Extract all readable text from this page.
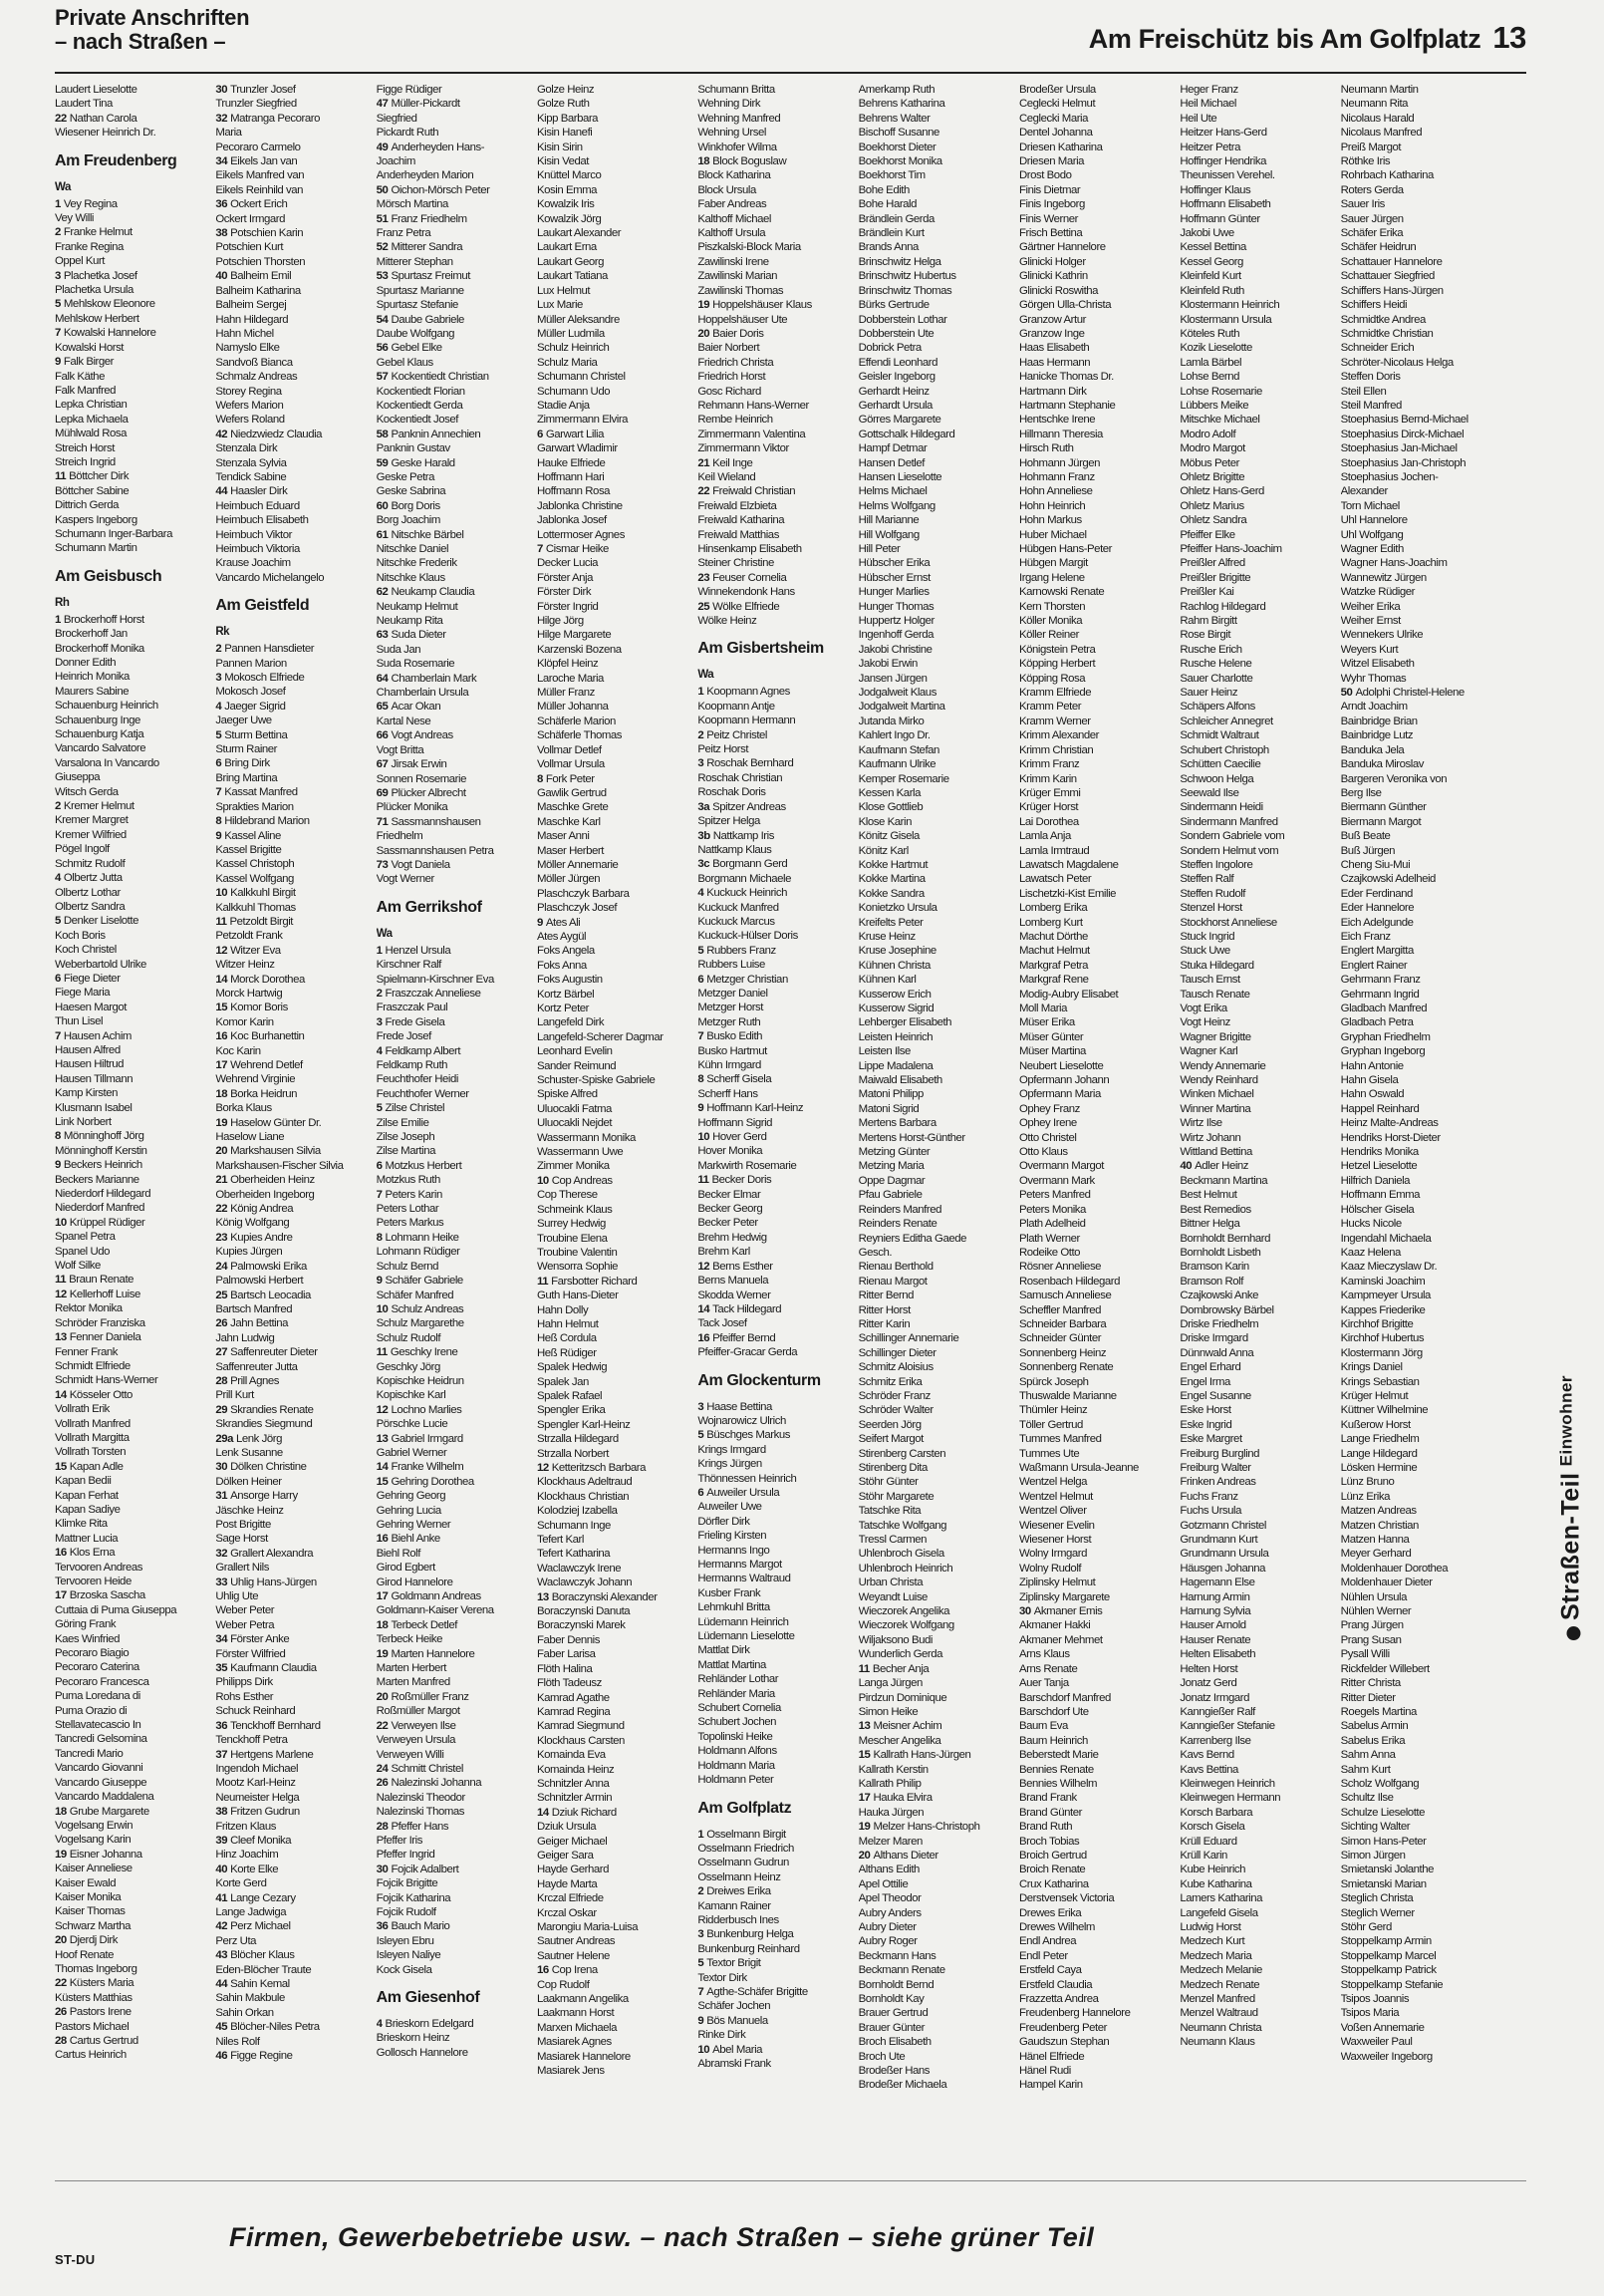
Private Anschriften
– nach Straßen –	Am Freischütz bis Am Golfplatz 13
Laudert Lieselotte
Laudert Tina
22 Nathan Carola
Wiesener Heinrich Dr.
Am Freudenberg
Wa
1 Vey Regina
Vey Willi
2 Franke Helmut
Franke Regina
Oppel Kurt
3 Plachetka Josef
Plachetka Ursula
5 Mehlskow Eleonore
Mehlskow Herbert
7 Kowalski Hannelore
Kowalski Horst
9 Falk Birger
Falk Käthe
Falk Manfred
Lepka Christian
Lepka Michaela
Mühlwald Rosa
Streich Horst
Streich Ingrid
11 Böttcher Dirk
Böttcher Sabine
Dittrich Gerda
Kaspers Ingeborg
Schumann Inger-Barbara
Schumann Martin
Am Geisbusch
Rh
1 Brockerhoff Horst
Brockerhoff Jan
Brockerhoff Monika
Donner Edith
Heinrich Monika
Maurers Sabine
Schauenburg Heinrich
Schauenburg Inge
Schauenburg Katja
Vancardo Salvatore
Varsalona In Vancardo
Giuseppa
Witsch Gerda
2 Kremer Helmut
Kremer Margret
Kremer Wilfried
Pögel Ingolf
Schmitz Rudolf
4 Olbertz Jutta
Olbertz Lothar
Olbertz Sandra
5 Denker Liselotte
Koch Boris
Koch Christel
Weberbartold Ulrike
6 Fiege Dieter
Fiege Maria
Haesen Margot
Thun Lisel
7 Hausen Achim
Hausen Alfred
Hausen Hiltrud
Hausen Tillmann
Kamp Kirsten
Klusmann Isabel
Link Norbert
8 Mönninghoff Jörg
Mönninghoff Kerstin
9 Beckers Heinrich
Beckers Marianne
Niederdorf Hildegard
Niederdorf Manfred
10 Krüppel Rüdiger
Spanel Petra
Spanel Udo
Wolf Silke
11 Braun Renate
12 Kellerhoff Luise
Rektor Monika
Schröder Franziska
13 Fenner Daniela
Fenner Frank
Schmidt Elfriede
Schmidt Hans-Werner
14 Kösseler Otto
Vollrath Erik
Vollrath Manfred
Vollrath Margitta
Vollrath Torsten
15 Kapan Adle
Kapan Bedii
Kapan Ferhat
Kapan Sadiye
Klimke Rita
Mattner Lucia
16 Klos Erna
Tervooren Andreas
Tervooren Heide
17 Brzoska Sascha
Cuttaia di Puma Giuseppa
Göring Frank
Kaes Winfried
Pecoraro Biagio
Pecoraro Caterina
Pecoraro Francesca
Puma Loredana di
Puma Orazio di
Stellavatecascio In
Tancredi Gelsomina
Tancredi Mario
Vancardo Giovanni
Vancardo Giuseppe
Vancardo Maddalena
18 Grube Margarete
Vogelsang Erwin
Vogelsang Karin
19 Eisner Johanna
Kaiser Anneliese
Kaiser Ewald
Kaiser Monika
Kaiser Thomas
Schwarz Martha
20 Djerdj Dirk
Hoof Renate
Thomas Ingeborg
22 Küsters Maria
Küsters Matthias
26 Pastors Irene
Pastors Michael
28 Cartus Gertrud
Cartus Heinrich
30 Trunzler Josef
Trunzler Siegfried
32 Matranga Pecoraro
Maria
Pecoraro Carmelo
34 Eikels Jan van
Eikels Manfred van
Eikels Reinhild van
36 Ockert Erich
Ockert Irmgard
38 Potschien Karin
Potschien Kurt
Potschien Thorsten
40 Balheim Emil
Balheim Katharina
Balheim Sergej
Hahn Hildegard
Hahn Michel
Namyslo Elke
Sandvoß Bianca
Schmalz Andreas
Storey Regina
Wefers Marion
Wefers Roland
42 Niedzwiedz Claudia
Stenzala Dirk
Stenzala Sylvia
Tendick Sabine
44 Haasler Dirk
Heimbuch Eduard
Heimbuch Elisabeth
Heimbuch Viktor
Heimbuch Viktoria
Krause Joachim
Vancardo Michelangelo
Am Geistfeld
Rk
2 Pannen Hansdieter
Pannen Marion
3 Mokosch Elfriede
Mokosch Josef
4 Jaeger Sigrid
Jaeger Uwe
5 Sturm Bettina
Sturm Rainer
6 Bring Dirk
Bring Martina
7 Kassat Manfred
Sprakties Marion
8 Hildebrand Marion
9 Kassel Aline
Kassel Brigitte
Kassel Christoph
Kassel Wolfgang
10 Kalkkuhl Birgit
Kalkkuhl Thomas
11 Petzoldt Birgit
Petzoldt Frank
12 Witzer Eva
Witzer Heinz
14 Morck Dorothea
Morck Hartwig
15 Komor Boris
Komor Karin
16 Koc Burhanettin
Koc Karin
17 Wehrend Detlef
Wehrend Virginie
18 Borka Heidrun
Borka Klaus
19 Haselow Günter Dr.
Haselow Liane
20 Markshausen Silvia
Markshausen-Fischer Silvia
21 Oberheiden Heinz
Oberheiden Ingeborg
22 König Andrea
König Wolfgang
23 Kupies Andre
Kupies Jürgen
24 Palmowski Erika
Palmowski Herbert
25 Bartsch Leocadia
Bartsch Manfred
26 Jahn Bettina
Jahn Ludwig
27 Saffenreuter Dieter
Saffenreuter Jutta
28 Prill Agnes
Prill Kurt
29 Skrandies Renate
Skrandies Siegmund
29a Lenk Jörg
Lenk Susanne
30 Dölken Christine
Dölken Heiner
31 Ansorge Harry
Jäschke Heinz
Post Brigitte
Sage Horst
32 Grallert Alexandra
Grallert Nils
33 Uhlig Hans-Jürgen
Uhlig Ute
Weber Peter
Weber Petra
34 Förster Anke
Förster Wilfried
35 Kaufmann Claudia
Philipps Dirk
Rohs Esther
Schuck Reinhard
36 Tenckhoff Bernhard
Tenckhoff Petra
37 Hertgens Marlene
Ingendoh Michael
Mootz Karl-Heinz
Neumeister Helga
38 Fritzen Gudrun
Fritzen Klaus
39 Cleef Monika
Hinz Joachim
40 Korte Elke
Korte Gerd
41 Lange Cezary
Lange Jadwiga
42 Perz Michael
Perz Uta
43 Blöcher Klaus
Eden-Blöcher Traute
44 Sahin Kemal
Sahin Makbule
Sahin Orkan
45 Blöcher-Niles Petra
Niles Rolf
46 Figge Regine
Figge Rüdiger
47 Müller-Pickardt
Siegfried
Pickardt Ruth
49 Anderheyden Hans-
Joachim
Anderheyden Marion
50 Oichon-Mörsch Peter
Mörsch Martina
51 Franz Friedhelm
Franz Petra
52 Mitterer Sandra
Mitterer Stephan
53 Spurtasz Freimut
Spurtasz Marianne
Spurtasz Stefanie
54 Daube Gabriele
Daube Wolfgang
56 Gebel Elke
Gebel Klaus
57 Kockentiedt Christian
Kockentiedt Florian
Kockentiedt Gerda
Kockentiedt Josef
58 Panknin Annechien
Panknin Gustav
59 Geske Harald
Geske Petra
Geske Sabrina
60 Borg Doris
Borg Joachim
61 Nitschke Bärbel
Nitschke Daniel
Nitschke Frederik
Nitschke Klaus
62 Neukamp Claudia
Neukamp Helmut
Neukamp Rita
63 Suda Dieter
Suda Jan
Suda Rosemarie
64 Chamberlain Mark
Chamberlain Ursula
65 Acar Okan
Kartal Nese
66 Vogt Andreas
Vogt Britta
67 Jirsak Erwin
Sonnen Rosemarie
69 Plücker Albrecht
Plücker Monika
71 Sassmannshausen
Friedhelm
Sassmannshausen Petra
73 Vogt Daniela
Vogt Werner
Am Gerrikshof
Wa
1 Henzel Ursula
Kirschner Ralf
Spielmann-Kirschner Eva
2 Fraszczak Anneliese
Fraszczak Paul
3 Frede Gisela
Frede Josef
4 Feldkamp Albert
Feldkamp Ruth
Feuchthofer Heidi
Feuchthofer Werner
5 Zilse Christel
Zilse Emilie
Zilse Joseph
Zilse Martina
6 Motzkus Herbert
Motzkus Ruth
7 Peters Karin
Peters Lothar
Peters Markus
8 Lohmann Heike
Lohmann Rüdiger
Schulz Bernd
9 Schäfer Gabriele
Schäfer Manfred
10 Schulz Andreas
Schulz Margarethe
Schulz Rudolf
11 Geschky Irene
Geschky Jörg
Kopischke Heidrun
Kopischke Karl
12 Lochno Marlies
Pörschke Lucie
13 Gabriel Irmgard
Gabriel Werner
14 Franke Wilhelm
15 Gehring Dorothea
Gehring Georg
Gehring Lucia
Gehring Werner
16 Biehl Anke
Biehl Rolf
Girod Egbert
Girod Hannelore
17 Goldmann Andreas
Goldmann-Kaiser Verena
18 Terbeck Detlef
Terbeck Heike
19 Marten Hannelore
Marten Herbert
Marten Manfred
20 Roßmüller Franz
Roßmüller Margot
22 Verweyen Ilse
Verweyen Ursula
Verweyen Willi
24 Schmitt Christel
26 Nalezinski Johanna
Nalezinski Theodor
Nalezinski Thomas
28 Pfeffer Hans
Pfeffer Iris
Pfeffer Ingrid
30 Fojcik Adalbert
Fojcik Brigitte
Fojcik Katharina
Fojcik Rudolf
36 Bauch Mario
Isleyen Ebru
Isleyen Naliye
Kock Gisela
Am Giesenhof
4 Brieskorn Edelgard
Brieskorn Heinz
Gollosch Hannelore
Golze Heinz
Golze Ruth
Kipp Barbara
Kisin Hanefi
Kisin Sirin
Kisin Vedat
Knüttel Marco
Kosin Emma
Kowalzik Iris
Kowalzik Jörg
Laukart Alexander
Laukart Erna
Laukart Georg
Laukart Tatiana
Lux Helmut
Lux Marie
Müller Aleksandre
Müller Ludmila
Schulz Heinrich
Schulz Maria
Schumann Christel
Schumann Udo
Stadie Anja
Zimmermann Elvira
6 Garwart Lilia
Garwart Wladimir
Hauke Elfriede
Hoffmann Hari
Hoffmann Rosa
Jablonka Christine
Jablonka Josef
Lottermoser Agnes
7 Cismar Heike
Decker Lucia
Förster Anja
Förster Dirk
Förster Ingrid
Hilge Jörg
Hilge Margarete
Karzenski Bozena
Klöpfel Heinz
Laroche Maria
Müller Franz
Müller Johanna
Schäferle Marion
Schäferle Thomas
Vollmar Detlef
Vollmar Ursula
8 Fork Peter
Gawlik Gertrud
Maschke Grete
Maschke Karl
Maser Anni
Maser Herbert
Möller Annemarie
Möller Jürgen
Plaschczyk Barbara
Plaschczyk Josef
9 Ates Ali
Ates Aygül
Foks Angela
Foks Anna
Foks Augustin
Kortz Bärbel
Kortz Peter
Langefeld Dirk
Langefeld-Scherer Dagmar
Leonhard Evelin
Sander Reimund
Schuster-Spiske Gabriele
Spiske Alfred
Uluocakli Fatma
Uluocakli Nejdet
Wassermann Monika
Wassermann Uwe
Zimmer Monika
10 Cop Andreas
Cop Therese
Schmeink Klaus
Surrey Hedwig
Troubine Elena
Troubine Valentin
Wensorra Sophie
11 Farsbotter Richard
Guth Hans-Dieter
Hahn Dolly
Hahn Helmut
Heß Cordula
Heß Rüdiger
Spalek Hedwig
Spalek Jan
Spalek Rafael
Spengler Erika
Spengler Karl-Heinz
Strzalla Hildegard
Strzalla Norbert
12 Ketteritzsch Barbara
Klockhaus Adeltraud
Klockhaus Christian
Kolodziej Izabella
Schumann Inge
Tefert Karl
Tefert Katharina
Waclawczyk Irene
Waclawczyk Johann
13 Boraczynski Alexander
Boraczynski Danuta
Boraczynski Marek
Faber Dennis
Faber Larisa
Flöth Halina
Flöth Tadeusz
Kamrad Agathe
Kamrad Regina
Kamrad Siegmund
Klockhaus Carsten
Komainda Eva
Komainda Heinz
Schnitzler Anna
Schnitzler Armin
14 Dziuk Richard
Dziuk Ursula
Geiger Michael
Geiger Sara
Hayde Gerhard
Hayde Marta
Krczal Elfriede
Krczal Oskar
Marongiu Maria-Luisa
Sautner Andreas
Sautner Helene
16 Cop Irena
Cop Rudolf
Laakmann Angelika
Laakmann Horst
Marxen Michaela
Masiarek Agnes
Masiarek Hannelore
Masiarek Jens
Schumann Britta
Wehning Dirk
Wehning Manfred
Wehning Ursel
Winkhofer Wilma
18 Block Boguslaw
Block Katharina
Block Ursula
Faber Andreas
Kalthoff Michael
Kalthoff Ursula
Piszkalski-Block Maria
Zawilinski Irene
Zawilinski Marian
Zawilinski Thomas
19 Hoppelshäuser Klaus
Hoppelshäuser Ute
20 Baier Doris
Baier Norbert
Friedrich Christa
Friedrich Horst
Gosc Richard
Rehmann Hans-Werner
Rembe Heinrich
Zimmermann Valentina
Zimmermann Viktor
21 Keil Inge
Keil Wieland
22 Freiwald Christian
Freiwald Elzbieta
Freiwald Katharina
Freiwald Matthias
Hinsenkamp Elisabeth
Steiner Christine
23 Feuser Cornelia
Winnekendonk Hans
25 Wölke Elfriede
Wölke Heinz
Am Gisbertsheim
Wa
1 Koopmann Agnes
Koopmann Antje
Koopmann Hermann
2 Peitz Christel
Peitz Horst
3 Roschak Bernhard
Roschak Christian
Roschak Doris
3a Spitzer Andreas
Spitzer Helga
3b Nattkamp Iris
Nattkamp Klaus
3c Borgmann Gerd
Borgmann Michaele
4 Kuckuck Heinrich
Kuckuck Manfred
Kuckuck Marcus
Kuckuck-Hülser Doris
5 Rubbers Franz
Rubbers Luise
6 Metzger Christian
Metzger Daniel
Metzger Horst
Metzger Ruth
7 Busko Edith
Busko Hartmut
Kühn Irmgard
8 Scherff Gisela
Scherff Hans
9 Hoffmann Karl-Heinz
Hoffmann Sigrid
10 Hover Gerd
Hover Monika
Markwirth Rosemarie
11 Becker Doris
Becker Elmar
Becker Georg
Becker Peter
Brehm Hedwig
Brehm Karl
12 Berns Esther
Berns Manuela
Skodda Werner
14 Tack Hildegard
Tack Josef
16 Pfeiffer Bernd
Pfeiffer-Gracar Gerda
Am Glockenturm
3 Haase Bettina
Wojnarowicz Ulrich
5 Büschges Markus
Krings Irmgard
Krings Jürgen
Thönnessen Heinrich
6 Auweiler Ursula
Auweiler Uwe
Dörfler Dirk
Frieling Kirsten
Hermanns Ingo
Hermanns Margot
Hermanns Waltraud
Kusber Frank
Lehmkuhl Britta
Lüdemann Heinrich
Lüdemann Lieselotte
Mattlat Dirk
Mattlat Martina
Rehländer Lothar
Rehländer Maria
Schubert Cornelia
Schubert Jochen
Topolinski Heike
Holdmann Alfons
Holdmann Maria
Holdmann Peter
Am Golfplatz
1 Osselmann Birgit
Osselmann Friedrich
Osselmann Gudrun
Osselmann Heinz
2 Dreiwes Erika
Kamann Rainer
Ridderbusch Ines
3 Bunkenburg Helga
Bunkenburg Reinhard
5 Textor Brigit
Textor Dirk
7 Agthe-Schäfer Brigitte
Schäfer Jochen
9 Bös Manuela
Rinke Dirk
10 Abel Maria
Abramski Frank
Amerkamp Ruth
Behrens Katharina
Behrens Walter
Bischoff Susanne
Boekhorst Dieter
Boekhorst Monika
Boekhorst Tim
Bohe Edith
Bohe Harald
Brändlein Gerda
Brändlein Kurt
Brands Anna
Brinschwitz Helga
Brinschwitz Hubertus
Brinschwitz Thomas
Bürks Gertrude
Dobberstein Lothar
Dobberstein Ute
Dobrick Petra
Effendi Leonhard
Geisler Ingeborg
Gerhardt Heinz
Gerhardt Ursula
Görres Margarete
Gottschalk Hildegard
Hampf Detmar
Hansen Detlef
Hansen Lieselotte
Helms Michael
Helms Wolfgang
Hill Marianne
Hill Wolfgang
Hill Peter
Hübscher Erika
Hübscher Ernst
Hunger Marlies
Hunger Thomas
Huppertz Holger
Ingenhoff Gerda
Jakobi Christine
Jakobi Erwin
Jansen Jürgen
Jodgalweit Klaus
Jodgalweit Martina
Jutanda Mirko
Kahlert Ingo Dr.
Kaufmann Stefan
Kaufmann Ulrike
Kemper Rosemarie
Kessen Karla
Klose Gottlieb
Klose Karin
Könitz Gisela
Könitz Karl
Kokke Hartmut
Kokke Martina
Kokke Sandra
Konietzko Ursula
Kreifelts Peter
Kruse Heinz
Kruse Josephine
Kühnen Christa
Kühnen Karl
Kusserow Erich
Kusserow Sigrid
Lehberger Elisabeth
Leisten Heinrich
Leisten Ilse
Lippe Madalena
Maiwald Elisabeth
Matoni Philipp
Matoni Sigrid
Mertens Barbara
Mertens Horst-Günther
Metzing Günter
Metzing Maria
Oppe Dagmar
Pfau Gabriele
Reinders Manfred
Reinders Renate
Reyniers Editha Gaede
Gesch.
Rienau Berthold
Rienau Margot
Ritter Bernd
Ritter Horst
Ritter Karin
Schillinger Annemarie
Schillinger Dieter
Schmitz Aloisius
Schmitz Erika
Schröder Franz
Schröder Walter
Seerden Jörg
Seifert Margot
Stirenberg Carsten
Stirenberg Dita
Stöhr Günter
Stöhr Margarete
Tatschke Rita
Tatschke Wolfgang
Tressl Carmen
Uhlenbroch Gisela
Uhlenbroch Heinrich
Urban Christa
Weyandt Luise
Wieczorek Angelika
Wieczorek Wolfgang
Wiljaksono Budi
Wunderlich Gerda
11 Becher Anja
Langa Jürgen
Pirdzun Dominique
Simon Heike
13 Meisner Achim
Mescher Angelika
15 Kallrath Hans-Jürgen
Kallrath Kerstin
Kallrath Philip
17 Hauka Elvira
Hauka Jürgen
19 Melzer Hans-Christoph
Melzer Maren
20 Althans Dieter
Althans Edith
Apel Ottilie
Apel Theodor
Aubry Anders
Aubry Dieter
Aubry Roger
Beckmann Hans
Beckmann Renate
Bornholdt Bernd
Bornholdt Kay
Brauer Gertrud
Brauer Günter
Broch Elisabeth
Broch Ute
Brodeßer Hans
Brodeßer Michaela
Brodeßer Ursula
Ceglecki Helmut
Ceglecki Maria
Dentel Johanna
Driesen Katharina
Driesen Maria
Drost Bodo
Finis Dietmar
Finis Ingeborg
Finis Werner
Frisch Bettina
Gärtner Hannelore
Glinicki Holger
Glinicki Kathrin
Glinicki Roswitha
Görgen Ulla-Christa
Granzow Artur
Granzow Inge
Haas Elisabeth
Haas Hermann
Hanicke Thomas Dr.
Hartmann Dirk
Hartmann Stephanie
Hentschke Irene
Hillmann Theresia
Hirsch Ruth
Hohmann Jürgen
Hohmann Franz
Hohn Anneliese
Hohn Heinrich
Hohn Markus
Huber Michael
Hübgen Hans-Peter
Hübgen Margit
Irgang Helene
Karnowski Renate
Kern Thorsten
Köller Monika
Köller Reiner
Königstein Petra
Köpping Herbert
Köpping Rosa
Kramm Elfriede
Kramm Peter
Kramm Werner
Krimm Alexander
Krimm Christian
Krimm Franz
Krimm Karin
Krüger Emmi
Krüger Horst
Lai Dorothea
Lamla Anja
Lamla Irmtraud
Lawatsch Magdalene
Lawatsch Peter
Lischetzki-Kist Emilie
Lomberg Erika
Lomberg Kurt
Machut Dörthe
Machut Helmut
Markgraf Petra
Markgraf Rene
Modig-Aubry Elisabet
Moll Maria
Müser Erika
Müser Günter
Müser Martina
Neubert Lieselotte
Opfermann Johann
Opfermann Maria
Ophey Franz
Ophey Irene
Otto Christel
Otto Klaus
Overmann Margot
Overmann Mark
Peters Manfred
Peters Monika
Plath Adelheid
Plath Werner
Rodeike Otto
Rösner Anneliese
Rosenbach Hildegard
Samusch Anneliese
Scheffler Manfred
Schneider Barbara
Schneider Günter
Sonnenberg Heinz
Sonnenberg Renate
Spürck Joseph
Thuswalde Marianne
Thümler Heinz
Töller Gertrud
Tummes Manfred
Tummes Ute
Waßmann Ursula-Jeanne
Wentzel Helga
Wentzel Helmut
Wentzel Oliver
Wiesener Evelin
Wiesener Horst
Wolny Irmgard
Wolny Rudolf
Ziplinsky Helmut
Ziplinsky Margarete
30 Akmaner Emis
Akmaner Hakki
Akmaner Mehmet
Arns Klaus
Arns Renate
Auer Tanja
Barschdorf Manfred
Barschdorf Ute
Baum Eva
Baum Heinrich
Beberstedt Marie
Bennies Renate
Bennies Wilhelm
Brand Frank
Brand Günter
Brand Ruth
Broch Tobias
Broich Gertrud
Broich Renate
Crux Katharina
Derstvensek Victoria
Drewes Erika
Drewes Wilhelm
Endl Andrea
Endl Peter
Erstfeld Caya
Erstfeld Claudia
Frazzetta Andrea
Freudenberg Hannelore
Freudenberg Peter
Gaudszun Stephan
Hänel Elfriede
Hänel Rudi
Hampel Karin
Heger Franz
Heil Michael
Heil Ute
Heitzer Hans-Gerd
Heitzer Petra
Hoffinger Hendrika
Theunissen Verehel.
Hoffinger Klaus
Hoffmann Elisabeth
Hoffmann Günter
Jakobi Uwe
Kessel Bettina
Kessel Georg
Kleinfeld Kurt
Kleinfeld Ruth
Klostermann Heinrich
Klostermann Ursula
Köteles Ruth
Kozik Lieselotte
Lamla Bärbel
Lohse Bernd
Lohse Rosemarie
Lübbers Meike
Mitschke Michael
Modro Adolf
Modro Margot
Möbus Peter
Ohletz Brigitte
Ohletz Hans-Gerd
Ohletz Marius
Ohletz Sandra
Pfeiffer Elke
Pfeiffer Hans-Joachim
Preißler Alfred
Preißler Brigitte
Preißler Kai
Rachlog Hildegard
Rahm Birgitt
Rose Birgit
Rusche Erich
Rusche Helene
Sauer Charlotte
Sauer Heinz
Schäpers Alfons
Schleicher Annegret
Schmidt Waltraut
Schubert Christoph
Schütten Caecilie
Schwoon Helga
Seewald Ilse
Sindermann Heidi
Sindermann Manfred
Sondern Gabriele vom
Sondern Helmut vom
Steffen Ingolore
Steffen Ralf
Steffen Rudolf
Stenzel Horst
Stockhorst Anneliese
Stuck Ingrid
Stuck Uwe
Stuka Hildegard
Tausch Ernst
Tausch Renate
Vogt Erika
Vogt Heinz
Wagner Brigitte
Wagner Karl
Wendy Annemarie
Wendy Reinhard
Winken Michael
Winner Martina
Wirtz Ilse
Wirtz Johann
Wittland Bettina
40 Adler Heinz
Beckmann Martina
Best Helmut
Best Remedios
Bittner Helga
Bornholdt Bernhard
Bornholdt Lisbeth
Bramson Karin
Bramson Rolf
Czajkowski Anke
Dombrowsky Bärbel
Driske Friedhelm
Driske Irmgard
Dünnwald Anna
Engel Erhard
Engel Irma
Engel Susanne
Eske Horst
Eske Ingrid
Eske Margret
Freiburg Burglind
Freiburg Walter
Frinken Andreas
Fuchs Franz
Fuchs Ursula
Gotzmann Christel
Grundmann Kurt
Grundmann Ursula
Häusgen Johanna
Hagemann Else
Harnung Armin
Harnung Sylvia
Hauser Arnold
Hauser Renate
Helten Elisabeth
Helten Horst
Jonatz Gerd
Jonatz Irmgard
Kanngießer Ralf
Kanngießer Stefanie
Karrenberg Ilse
Kavs Bernd
Kavs Bettina
Kleinwegen Heinrich
Kleinwegen Hermann
Korsch Barbara
Korsch Gisela
Krüll Eduard
Krüll Karin
Kube Heinrich
Kube Katharina
Lamers Katharina
Langefeld Gisela
Ludwig Horst
Medzech Kurt
Medzech Maria
Medzech Melanie
Medzech Renate
Menzel Manfred
Menzel Waltraud
Neumann Christa
Neumann Klaus
Neumann Martin
Neumann Rita
Nicolaus Harald
Nicolaus Manfred
Preiß Margot
Röthke Iris
Rohrbach Katharina
Roters Gerda
Sauer Iris
Sauer Jürgen
Schäfer Erika
Schäfer Heidrun
Schattauer Hannelore
Schattauer Siegfried
Schiffers Hans-Jürgen
Schiffers Heidi
Schmidtke Andrea
Schmidtke Christian
Schneider Erich
Schröter-Nicolaus Helga
Steffen Doris
Steil Ellen
Steil Manfred
Stoephasius Bernd-Michael
Stoephasius Dirck-Michael
Stoephasius Jan-Michael
Stoephasius Jan-Christoph
Stoephasius Jochen-
Alexander
Torn Michael
Uhl Hannelore
Uhl Wolfgang
Wagner Edith
Wagner Hans-Joachim
Wannewitz Jürgen
Watzke Rüdiger
Weiher Erika
Weiher Ernst
Wennekers Ulrike
Weyers Kurt
Witzel Elisabeth
Wyhr Thomas
50 Adolphi Christel-Helene
Arndt Joachim
Bainbridge Brian
Bainbridge Lutz
Banduka Jela
Banduka Miroslav
Bargeren Veronika von
Berg Ilse
Biermann Günther
Biermann Margot
Buß Beate
Buß Jürgen
Cheng Siu-Mui
Czajkowski Adelheid
Eder Ferdinand
Eder Hannelore
Eich Adelgunde
Eich Franz
Englert Margitta
Englert Rainer
Gehrmann Franz
Gehrmann Ingrid
Gladbach Manfred
Gladbach Petra
Gryphan Friedhelm
Gryphan Ingeborg
Hahn Antonie
Hahn Gisela
Hahn Oswald
Happel Reinhard
Heinz Malte-Andreas
Hendriks Horst-Dieter
Hendriks Monika
Hetzel Lieselotte
Hilfrich Daniela
Hoffmann Emma
Hölscher Gisela
Hucks Nicole
Ingendahl Michaela
Kaaz Helena
Kaaz Mieczyslaw Dr.
Kaminski Joachim
Kampmeyer Ursula
Kappes Friederike
Kirchhof Brigitte
Kirchhof Hubertus
Klostermann Jörg
Krings Daniel
Krings Sebastian
Krüger Helmut
Küttner Wilhelmine
Kußerow Horst
Lange Friedhelm
Lange Hildegard
Lösken Hermine
Lünz Bruno
Lünz Erika
Matzen Andreas
Matzen Christian
Matzen Hanna
Meyer Gerhard
Moldenhauer Dorothea
Moldenhauer Dieter
Nühlen Ursula
Nühlen Werner
Prang Jürgen
Prang Susan
Pysall Willi
Rickfelder Willebert
Ritter Christa
Ritter Dieter
Roegels Martina
Sabelus Armin
Sabelus Erika
Sahm Anna
Sahm Kurt
Scholz Wolfgang
Schultz Ilse
Schulze Lieselotte
Sichting Walter
Simon Hans-Peter
Simon Jürgen
Smietanski Jolanthe
Smietanski Marian
Steglich Christa
Steglich Werner
Stöhr Gerd
Stoppelkamp Armin
Stoppelkamp Marcel
Stoppelkamp Patrick
Stoppelkamp Stefanie
Tsipos Joannis
Tsipos Maria
Voßen Annemarie
Waxweiler Paul
Waxweiler Ingeborg
Straßen-Teil Einwohner
ST-DU
Firmen, Gewerbebetriebe usw. – nach Straßen – siehe grüner Teil
